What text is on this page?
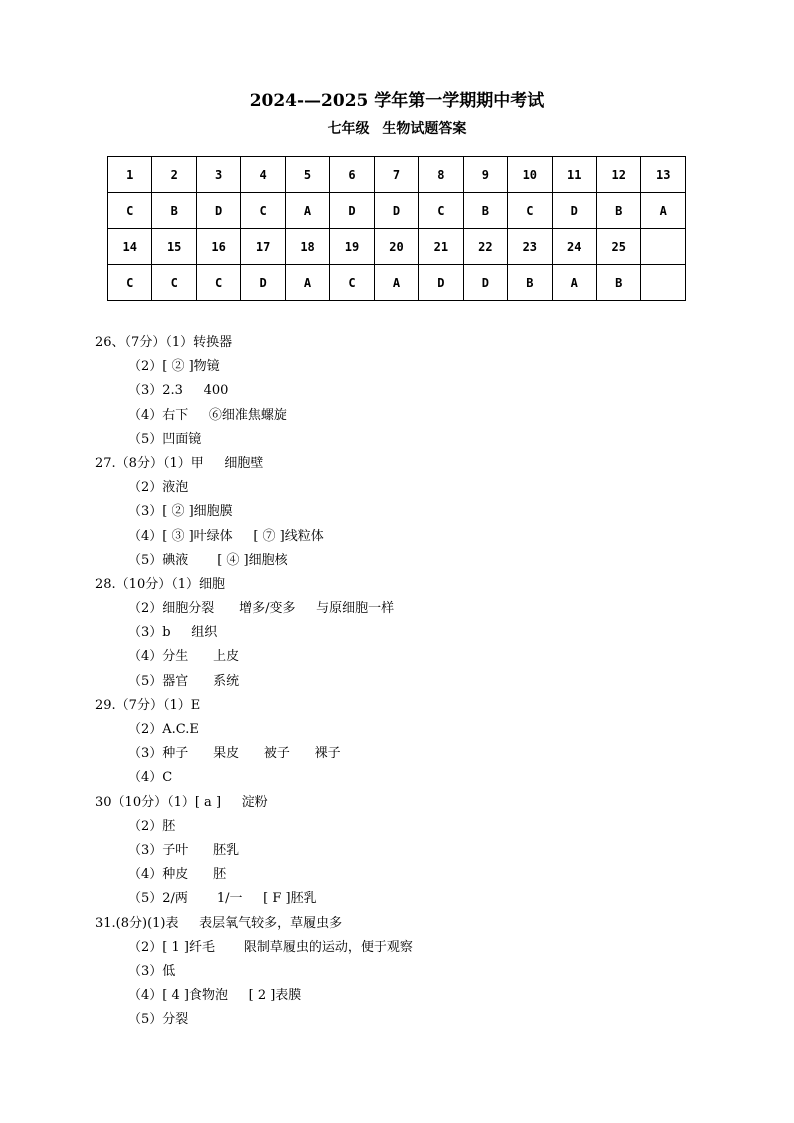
2024-—2025 学年第一学期期中考试
七年级 生物试题答案
1	2	3	4	5	6	7	8	9	10	11	12	13
C	B	D	C	A	D	D	C	B	C	D	B	A
14	15	16	17	18	19	20	21	22	23	24	25	
C	C	C	D	A	C	A	D	D	B	A	B	
26、（7分）（1）转换器
（2）[ ② ]物镜
（3）2.3     400
（4）右下     ⑥细准焦螺旋
（5）凹面镜
27.（8分）（1）甲     细胞壁
（2）液泡
（3）[ ② ]细胞膜
（4）[ ③ ]叶绿体     [ ⑦ ]线粒体
（5）碘液       [ ④ ]细胞核
28.（10分）（1）细胞
（2）细胞分裂      增多/变多     与原细胞一样
（3）b     组织
（4）分生      上皮
（5）器官      系统
29.（7分）（1）E
（2）A.C.E
（3）种子      果皮      被子      裸子
（4）C
30（10分）（1）[ a ]     淀粉
（2）胚
（3）子叶      胚乳
（4）种皮      胚
（5）2/两       1/一     [ F ]胚乳
31.(8分)(1)表     表层氧气较多，草履虫多
（2）[ 1 ]纤毛       限制草履虫的运动，便于观察
（3）低
（4）[ 4 ]食物泡     [ 2 ]表膜
（5）分裂
